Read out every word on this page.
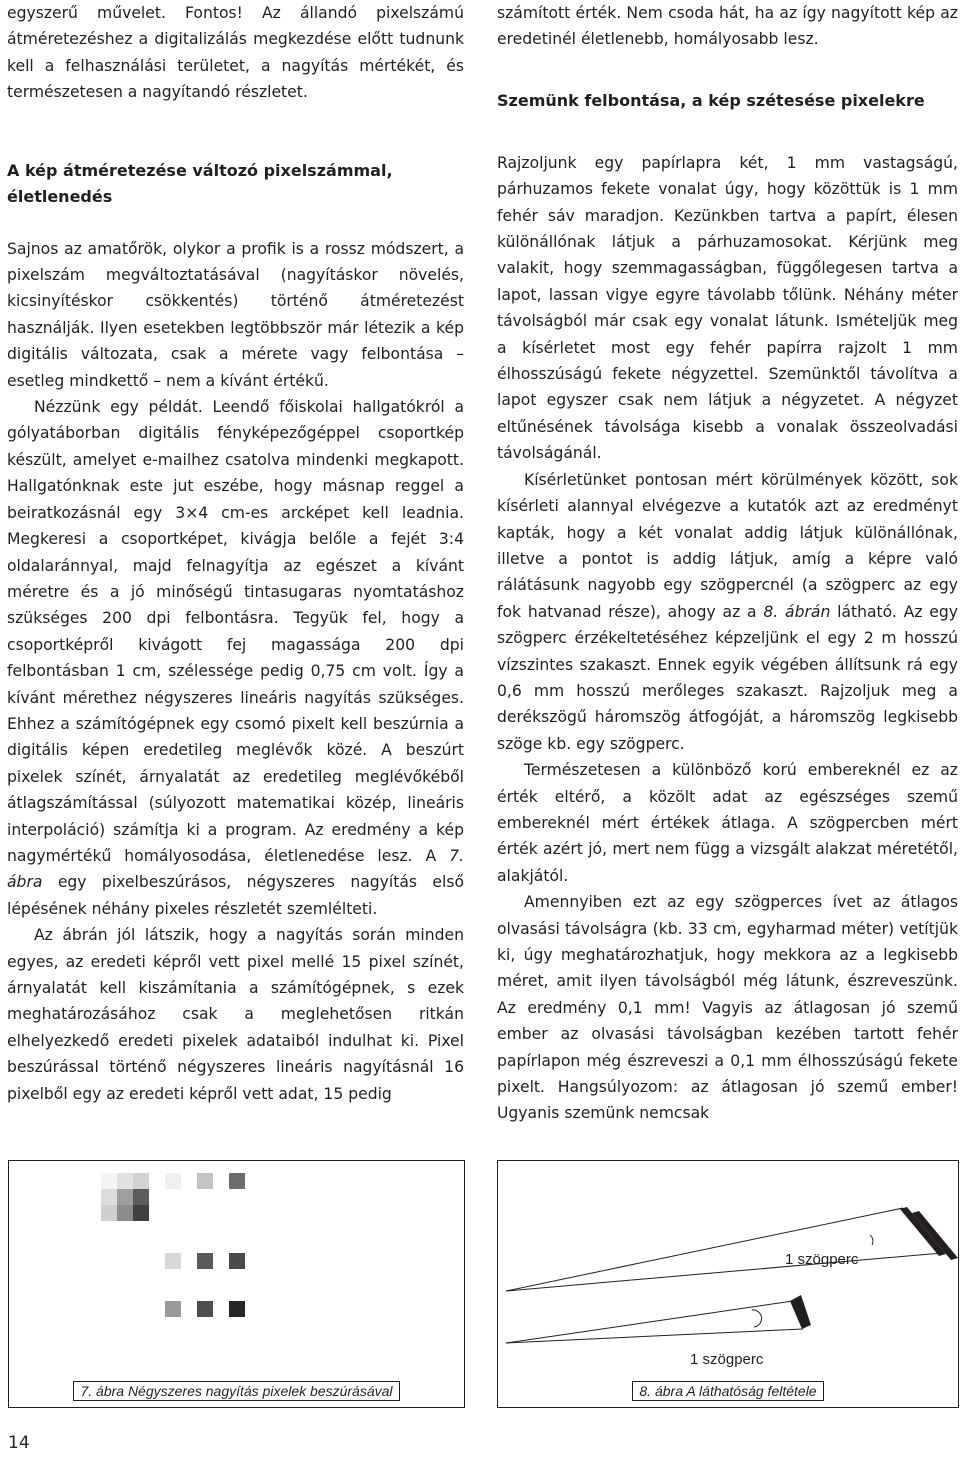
egyszerű művelet. Fontos! Az állandó pixelszámú átméretezéshez a digitalizálás megkezdése előtt tudnunk kell a felhasználási területet, a nagyítás mértékét, és természetesen a nagyítandó részletet.

A kép átméretezése változó pixelszámmal, életlenedés

Sajnos az amatőrök, olykor a profik is a rossz módszert, a pixelszám megváltoztatásával (nagyításkor növelés, kicsinyítéskor csökkentés) történő átméretezést használják. Ilyen esetekben legtöbbször már létezik a kép digitális változata, csak a mérete vagy felbontása – esetleg mindkettő – nem a kívánt értékű.

Nézzünk egy példát. Leendő főiskolai hallgatókról a gólyatáborban digitális fényképezőgéppel csoportkép készült, amelyet e-mailhez csatolva mindenki megkapott. Hallgatónknak este jut eszébe, hogy másnap reggel a beiratkozásnál egy 3×4 cm-es arcképet kell leadnia. Megkeresi a csoportképet, kivágja belőle a fejét 3:4 oldalaránnyal, majd felnagyítja az egészet a kívánt méretre és a jó minőségű tintasugaras nyomtatáshoz szükséges 200 dpi felbontásra. Tegyük fel, hogy a csoportképről kivágott fej magassága 200 dpi felbontásban 1 cm, szélessége pedig 0,75 cm volt. Így a kívánt mérethez négyszeres lineáris nagyítás szükséges. Ehhez a számítógépnek egy csomó pixelt kell beszúrnia a digitális képen eredetileg meglévők közé. A beszúrt pixelek színét, árnyalatát az eredetileg meglévőkéből átlagszámítással (súlyozott matematikai közép, lineáris interpoláció) számítja ki a program. Az eredmény a kép nagymértékű homályosodása, életlenedése lesz. A 7. ábra egy pixelbeszúrásos, négyszeres nagyítás első lépésének néhány pixeles részletét szemlélteti.

Az ábrán jól látszik, hogy a nagyítás során minden egyes, az eredeti képről vett pixel mellé 15 pixel színét, árnyalatát kell kiszámítania a számítógépnek, s ezek meghatározásához csak a meglehetősen ritkán elhelyezkedő eredeti pixelek adataiból indulhat ki. Pixel beszúrással történő négyszeres lineáris nagyításnál 16 pixelből egy az eredeti képről vett adat, 15 pedig

számított érték. Nem csoda hát, ha az így nagyított kép az eredetinél életlenebb, homályosabb lesz.

Szemünk felbontása, a kép szétesése pixelekre

Rajzoljunk egy papírlapra két, 1 mm vastagságú, párhuzamos fekete vonalat úgy, hogy közöttük is 1 mm fehér sáv maradjon. Kezünkben tartva a papírt, élesen különállónak látjuk a párhuzamosokat. Kérjünk meg valakit, hogy szemmagasságban, függőlegesen tartva a lapot, lassan vigye egyre távolabb tőlünk. Néhány méter távolságból már csak egy vonalat látunk. Ismételjük meg a kísérletet most egy fehér papírra rajzolt 1 mm élhosszúságú fekete négyzettel. Szemünktől távolítva a lapot egyszer csak nem látjuk a négyzetet. A négyzet eltűnésének távolsága kisebb a vonalak összeolvadási távolságánál.

Kísérletünket pontosan mért körülmények között, sok kísérleti alannyal elvégezve a kutatók azt az eredményt kapták, hogy a két vonalat addig látjuk különállónak, illetve a pontot is addig látjuk, amíg a képre való rálátásunk nagyobb egy szögpercnél (a szögperc az egy fok hatvanad része), ahogy az a 8. ábrán látható. Az egy szögperc érzékeltetéséhez képzeljünk el egy 2 m hosszú vízszintes szakaszt. Ennek egyik végében állítsunk rá egy 0,6 mm hosszú merőleges szakaszt. Rajzoljuk meg a derékszögű háromszög átfogóját, a háromszög legkisebb szöge kb. egy szögperc.

Természetesen a különböző korú embereknél ez az érték eltérő, a közölt adat az egészséges szemű embereknél mért értékek átlaga. A szögpercben mért érték azért jó, mert nem függ a vizsgált alakzat méretétől, alakjától.

Amennyiben ezt az egy szögperces ívet az átlagos olvasási távolságra (kb. 33 cm, egyharmad méter) vetítjük ki, úgy meghatározhatjuk, hogy mekkora az a legkisebb méret, amit ilyen távolságból még látunk, észreveszünk. Az eredmény 0,1 mm! Vagyis az átlagosan jó szemű ember az olvasási távolságban kezében tartott fehér papírlapon még észreveszi a 0,1 mm élhosszúságú fekete pixelt. Hangsúlyozom: az átlagosan jó szemű ember! Ugyanis szemünk nemcsak

7. ábra Négyszeres nagyítás pixelek beszúrásával
1 szögperc
1 szögperc
8. ábra A láthatóság feltétele
14
